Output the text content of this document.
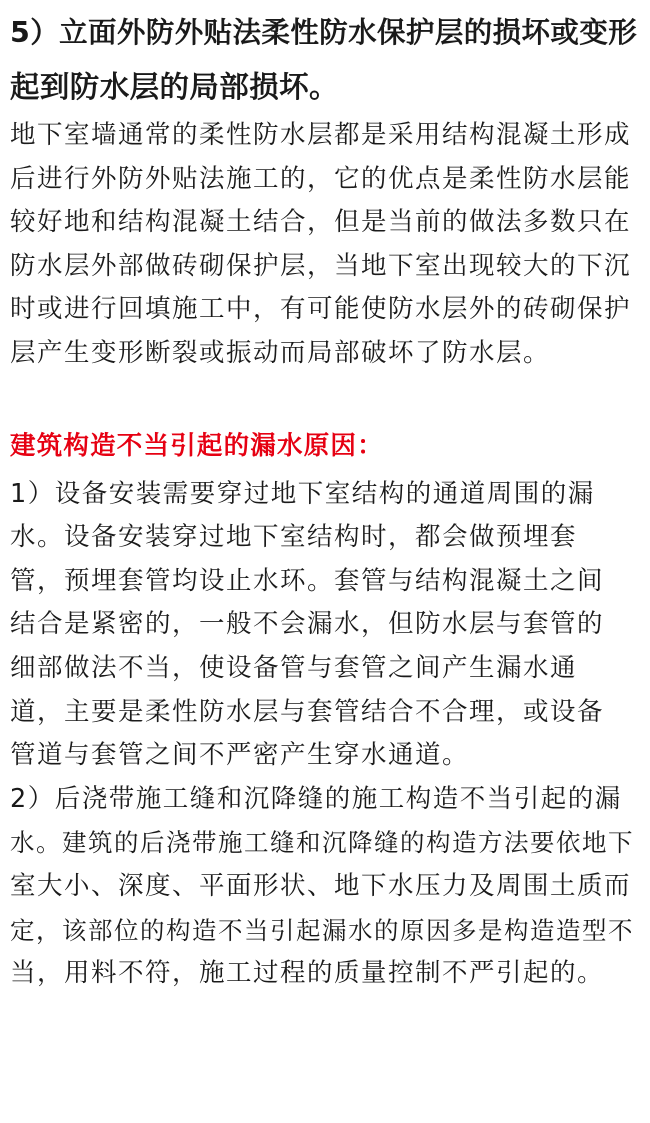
5）立面外防外贴法柔性防水保护层的损坏或变形
起到防水层的局部损坏。
地下室墙通常的柔性防水层都是采用结构混凝土形成
后进行外防外贴法施工的，它的优点是柔性防水层能
较好地和结构混凝土结合，但是当前的做法多数只在
防水层外部做砖砌保护层，当地下室出现较大的下沉
时或进行回填施工中，有可能使防水层外的砖砌保护
层产生变形断裂或振动而局部破坏了防水层。
建筑构造不当引起的漏水原因：
1）设备安装需要穿过地下室结构的通道周围的漏
水。设备安装穿过地下室结构时，都会做预埋套
管，预埋套管均设止水环。套管与结构混凝土之间
结合是紧密的，一般不会漏水，但防水层与套管的
细部做法不当，使设备管与套管之间产生漏水通
道，主要是柔性防水层与套管结合不合理，或设备
管道与套管之间不严密产生穿水通道。
2）后浇带施工缝和沉降缝的施工构造不当引起的漏
水。建筑的后浇带施工缝和沉降缝的构造方法要依地下
室大小、深度、平面形状、地下水压力及周围土质而
定，该部位的构造不当引起漏水的原因多是构造造型不
当，用料不符，施工过程的质量控制不严引起的。
